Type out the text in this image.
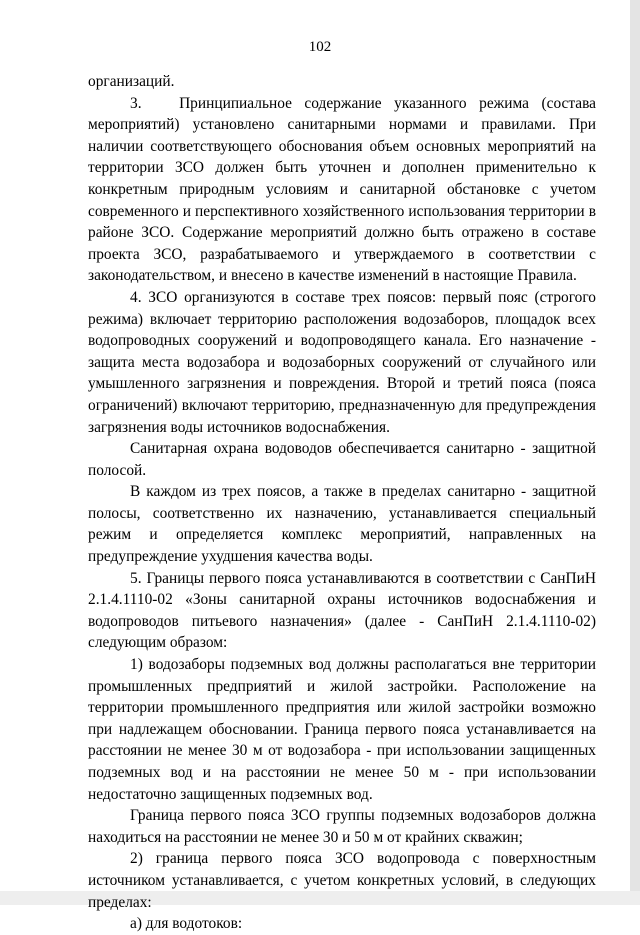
102

организаций.

3.   Принципиальное содержание указанного режима (состава мероприятий) установлено санитарными нормами и правилами. При наличии соответствующего обоснования объем основных мероприятий на территории ЗСО должен быть уточнен и дополнен применительно к конкретным природным условиям и санитарной обстановке с учетом современного и перспективного хозяйственного использования территории в районе ЗСО. Содержание мероприятий должно быть отражено в составе проекта ЗСО, разрабатываемого и утверждаемого в соответствии с законодательством, и внесено в качестве изменений в настоящие Правила.

4. ЗСО организуются в составе трех поясов: первый пояс (строгого режима) включает территорию расположения водозаборов, площадок всех водопроводных сооружений и водопроводящего канала. Его назначение - защита места водозабора и водозаборных сооружений от случайного или умышленного загрязнения и повреждения. Второй и третий пояса (пояса ограничений) включают территорию, предназначенную для предупреждения загрязнения воды источников водоснабжения.

Санитарная охрана водоводов обеспечивается санитарно - защитной полосой.

В каждом из трех поясов, а также в пределах санитарно - защитной полосы, соответственно их назначению, устанавливается специальный режим и определяется комплекс мероприятий, направленных на предупреждение ухудшения качества воды.

5. Границы первого пояса устанавливаются в соответствии с СанПиН 2.1.4.1110-02 «Зоны санитарной охраны источников водоснабжения и водопроводов питьевого назначения» (далее - СанПиН 2.1.4.1110-02) следующим образом:

1) водозаборы подземных вод должны располагаться вне территории промышленных предприятий и жилой застройки. Расположение на территории промышленного предприятия или жилой застройки возможно при надлежащем обосновании. Граница первого пояса устанавливается на расстоянии не менее 30 м от водозабора - при использовании защищенных подземных вод и на расстоянии не менее 50 м - при использовании недостаточно защищенных подземных вод.

Граница первого пояса ЗСО группы подземных водозаборов должна находиться на расстоянии не менее 30 и 50 м от крайних скважин;

2) граница первого пояса ЗСО водопровода с поверхностным источником устанавливается, с учетом конкретных условий, в следующих пределах:

а) для водотоков:
